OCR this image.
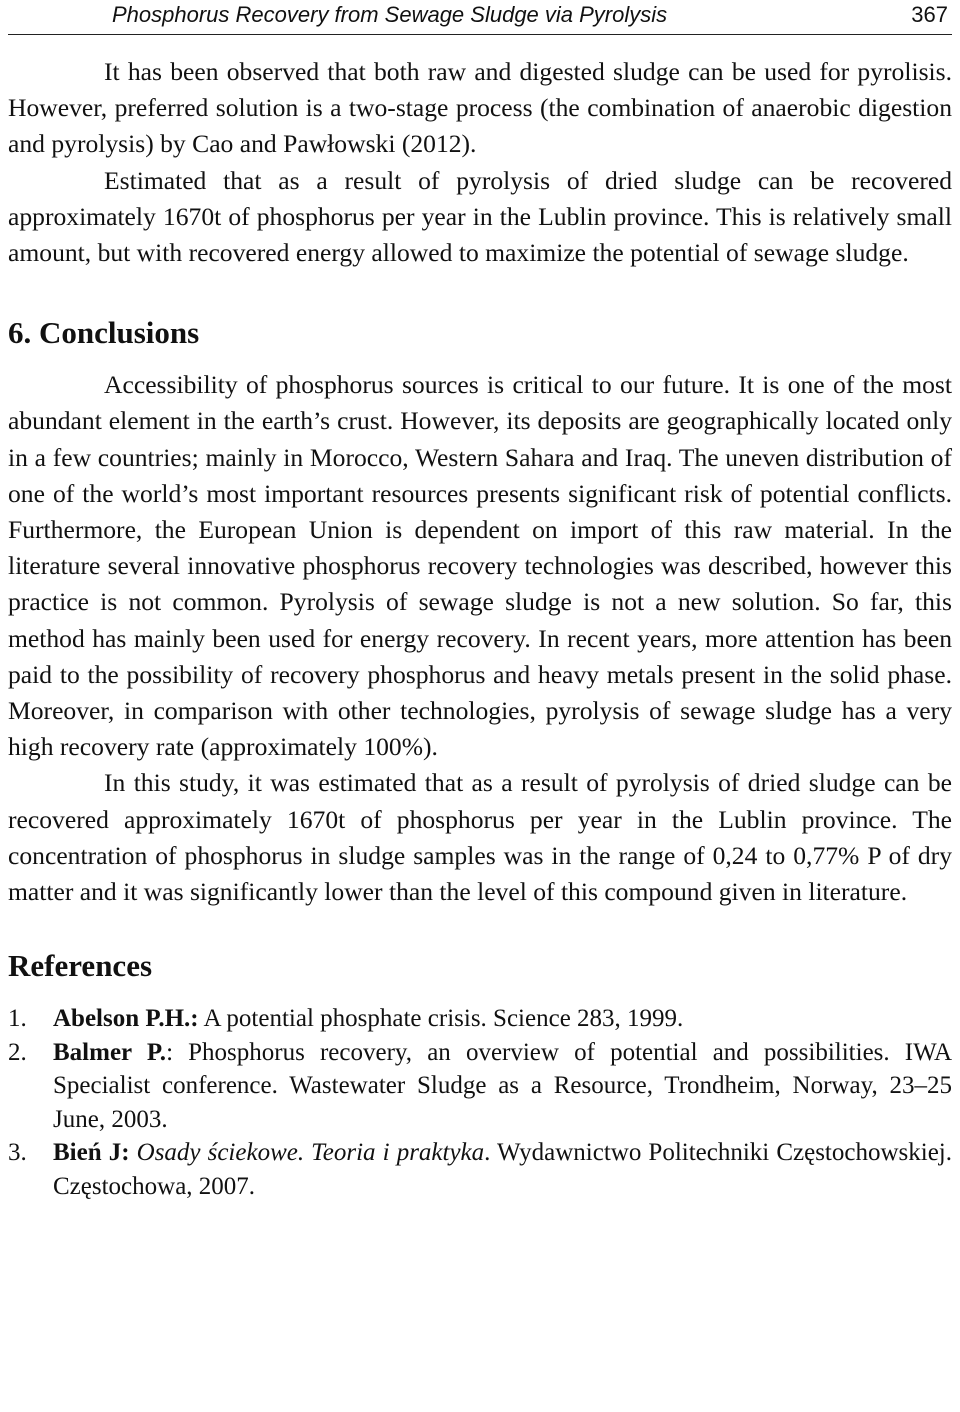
Phosphorus Recovery from Sewage Sludge via Pyrolysis	367

It has been observed that both raw and digested sludge can be used for pyrolisis. However, preferred solution is a two-stage process (the combination of anaerobic digestion and pyrolysis) by Cao and Pawłowski (2012).

Estimated that as a result of pyrolysis of dried sludge can be recovered approximately 1670t of phosphorus per year in the Lublin province. This is relatively small amount, but with recovered energy allowed to maximize the potential of sewage sludge.

6. Conclusions

Accessibility of phosphorus sources is critical to our future. It is one of the most abundant element in the earth’s crust. However, its deposits are geographically located only in a few countries; mainly in Morocco, Western Sahara and Iraq. The uneven distribution of one of the world’s most important resources presents significant risk of potential conflicts. Furthermore, the European Union is dependent on import of this raw material. In the literature several innovative phosphorus recovery technologies was described, however this practice is not common. Pyrolysis of sewage sludge is not a new solution. So far, this method has mainly been used for energy recovery. In recent years, more attention has been paid to the possibility of recovery phosphorus and heavy metals present in the solid phase. Moreover, in comparison with other technologies, pyrolysis of sewage sludge has a very high recovery rate (approximately 100%).

In this study, it was estimated that as a result of pyrolysis of dried sludge can be recovered approximately 1670t of phosphorus per year in the Lublin province. The concentration of phosphorus in sludge samples was in the range of 0,24 to 0,77% P of dry matter and it was significantly lower than the level of this compound given in literature.

References
1. Abelson P.H.: A potential phosphate crisis. Science 283, 1999.
2. Balmer P.: Phosphorus recovery, an overview of potential and possibilities. IWA Specialist conference. Wastewater Sludge as a Resource, Trondheim, Norway, 23–25 June, 2003.
3. Bień J: Osady ściekowe. Teoria i praktyka. Wydawnictwo Politechniki Częstochowskiej. Częstochowa, 2007.
